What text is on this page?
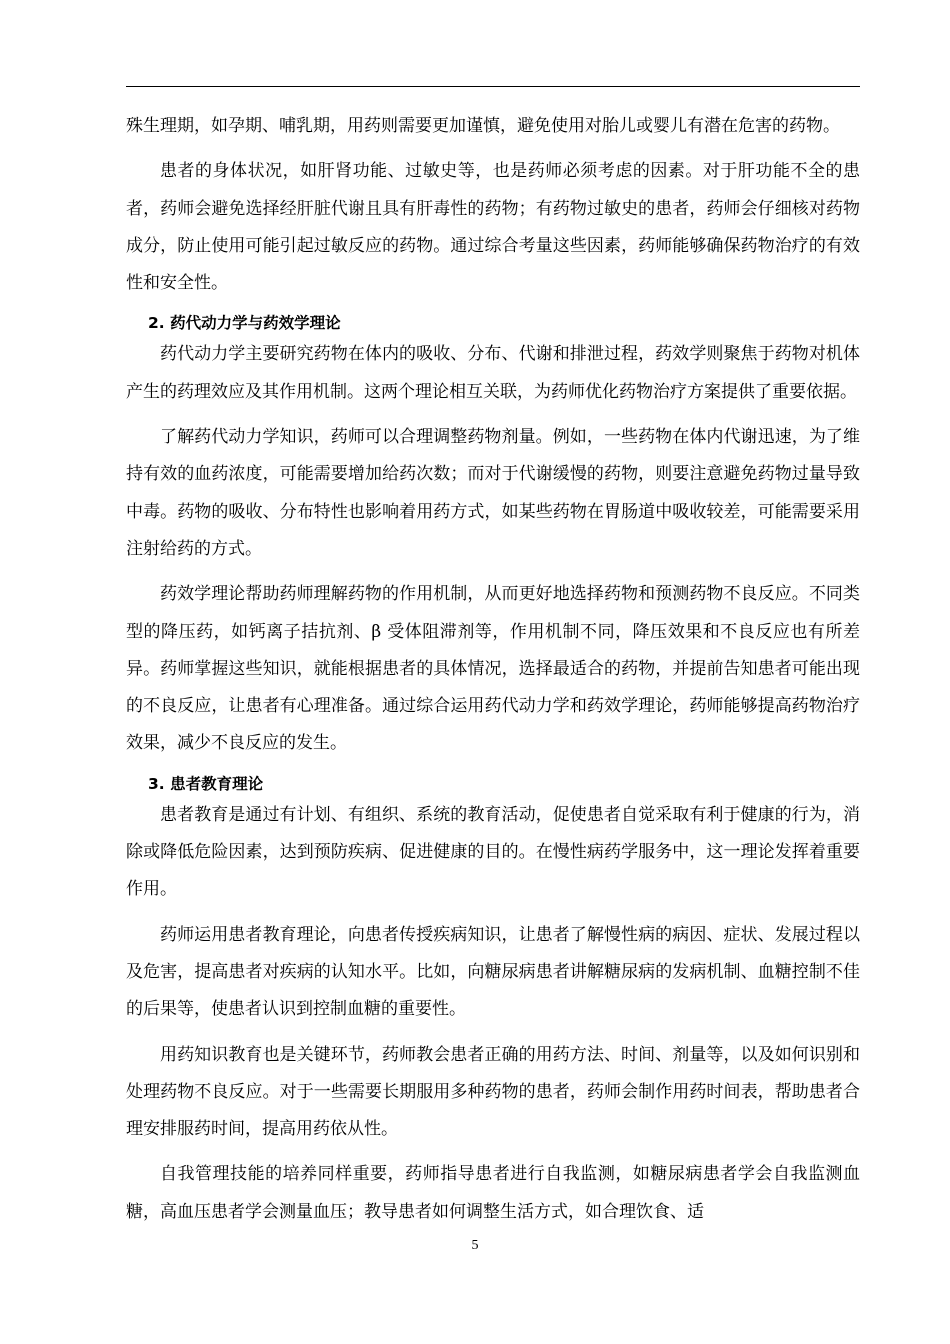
殊生理期，如孕期、哺乳期，用药则需要更加谨慎，避免使用对胎儿或婴儿有潜在危害的药物。

患者的身体状况，如肝肾功能、过敏史等，也是药师必须考虑的因素。对于肝功能不全的患者，药师会避免选择经肝脏代谢且具有肝毒性的药物；有药物过敏史的患者，药师会仔细核对药物成分，防止使用可能引起过敏反应的药物。通过综合考量这些因素，药师能够确保药物治疗的有效性和安全性。

2. 药代动力学与药效学理论

药代动力学主要研究药物在体内的吸收、分布、代谢和排泄过程，药效学则聚焦于药物对机体产生的药理效应及其作用机制。这两个理论相互关联，为药师优化药物治疗方案提供了重要依据。

了解药代动力学知识，药师可以合理调整药物剂量。例如，一些药物在体内代谢迅速，为了维持有效的血药浓度，可能需要增加给药次数；而对于代谢缓慢的药物，则要注意避免药物过量导致中毒。药物的吸收、分布特性也影响着用药方式，如某些药物在胃肠道中吸收较差，可能需要采用注射给药的方式。

药效学理论帮助药师理解药物的作用机制，从而更好地选择药物和预测药物不良反应。不同类型的降压药，如钙离子拮抗剂、β 受体阻滞剂等，作用机制不同，降压效果和不良反应也有所差异。药师掌握这些知识，就能根据患者的具体情况，选择最适合的药物，并提前告知患者可能出现的不良反应，让患者有心理准备。通过综合运用药代动力学和药效学理论，药师能够提高药物治疗效果，减少不良反应的发生。

3. 患者教育理论

患者教育是通过有计划、有组织、系统的教育活动，促使患者自觉采取有利于健康的行为，消除或降低危险因素，达到预防疾病、促进健康的目的。在慢性病药学服务中，这一理论发挥着重要作用。

药师运用患者教育理论，向患者传授疾病知识，让患者了解慢性病的病因、症状、发展过程以及危害，提高患者对疾病的认知水平。比如，向糖尿病患者讲解糖尿病的发病机制、血糖控制不佳的后果等，使患者认识到控制血糖的重要性。

用药知识教育也是关键环节，药师教会患者正确的用药方法、时间、剂量等，以及如何识别和处理药物不良反应。对于一些需要长期服用多种药物的患者，药师会制作用药时间表，帮助患者合理安排服药时间，提高用药依从性。

自我管理技能的培养同样重要，药师指导患者进行自我监测，如糖尿病患者学会自我监测血糖，高血压患者学会测量血压；教导患者如何调整生活方式，如合理饮食、适

5
